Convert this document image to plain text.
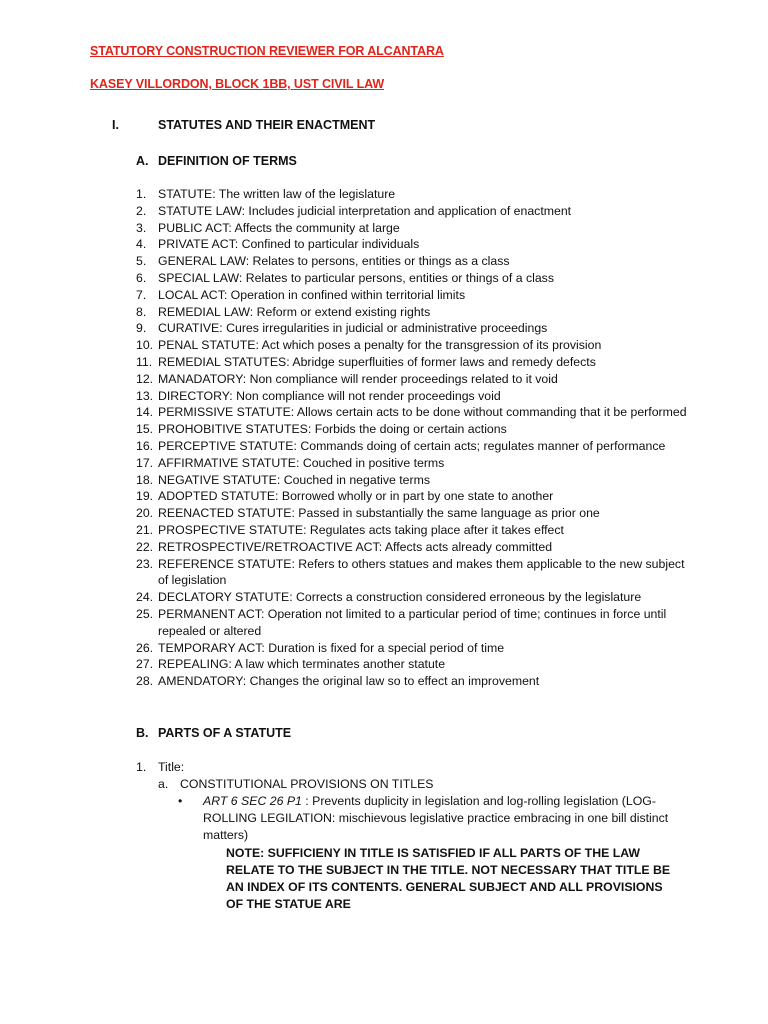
STATUTORY CONSTRUCTION REVIEWER FOR ALCANTARA
KASEY VILLORDON, BLOCK 1BB, UST CIVIL LAW
I.	STATUTES AND THEIR ENACTMENT
A. DEFINITION OF TERMS
1. STATUTE: The written law of the legislature
2. STATUTE LAW: Includes judicial interpretation and application of enactment
3. PUBLIC ACT: Affects the community at large
4. PRIVATE ACT: Confined to particular individuals
5. GENERAL LAW: Relates to persons, entities or things as a class
6. SPECIAL LAW: Relates to particular persons, entities or things of a class
7. LOCAL ACT: Operation in confined within territorial limits
8. REMEDIAL LAW: Reform or extend existing rights
9. CURATIVE: Cures irregularities in judicial or administrative proceedings
10. PENAL STATUTE: Act which poses a penalty for the transgression of its provision
11. REMEDIAL STATUTES: Abridge superfluities of former laws and remedy defects
12. MANADATORY: Non compliance will render proceedings related to it void
13. DIRECTORY: Non compliance will not render proceedings void
14. PERMISSIVE STATUTE: Allows certain acts to be done without commanding that it be performed
15. PROHOBITIVE STATUTES: Forbids the doing or certain actions
16. PERCEPTIVE STATUTE: Commands doing of certain acts; regulates manner of performance
17. AFFIRMATIVE STATUTE: Couched in positive terms
18. NEGATIVE STATUTE: Couched in negative terms
19. ADOPTED STATUTE: Borrowed wholly or in part by one state to another
20. REENACTED STATUTE: Passed in substantially the same language as prior one
21. PROSPECTIVE STATUTE: Regulates acts taking place after it takes effect
22. RETROSPECTIVE/RETROACTIVE ACT: Affects acts already committed
23. REFERENCE STATUTE: Refers to others statues and makes them applicable to the new subject of legislation
24. DECLATORY STATUTE: Corrects a construction considered erroneous by the legislature
25. PERMANENT ACT: Operation not limited to a particular period of time; continues in force until repealed or altered
26. TEMPORARY ACT: Duration is fixed for a special period of time
27. REPEALING: A law which terminates another statute
28. AMENDATORY: Changes the original law so to effect an improvement
B. PARTS OF A STATUTE
1. Title:
a. CONSTITUTIONAL PROVISIONS ON TITLES
• ART 6 SEC 26 P1 : Prevents duplicity in legislation and log-rolling legislation (LOG-ROLLING LEGILATION: mischievous legislative practice embracing in one bill distinct matters)
NOTE: SUFFICIENY IN TITLE IS SATISFIED IF ALL PARTS OF THE LAW RELATE TO THE SUBJECT IN THE TITLE. NOT NECESSARY THAT TITLE BE AN INDEX OF ITS CONTENTS. GENERAL SUBJECT AND ALL PROVISIONS OF THE STATUE ARE
